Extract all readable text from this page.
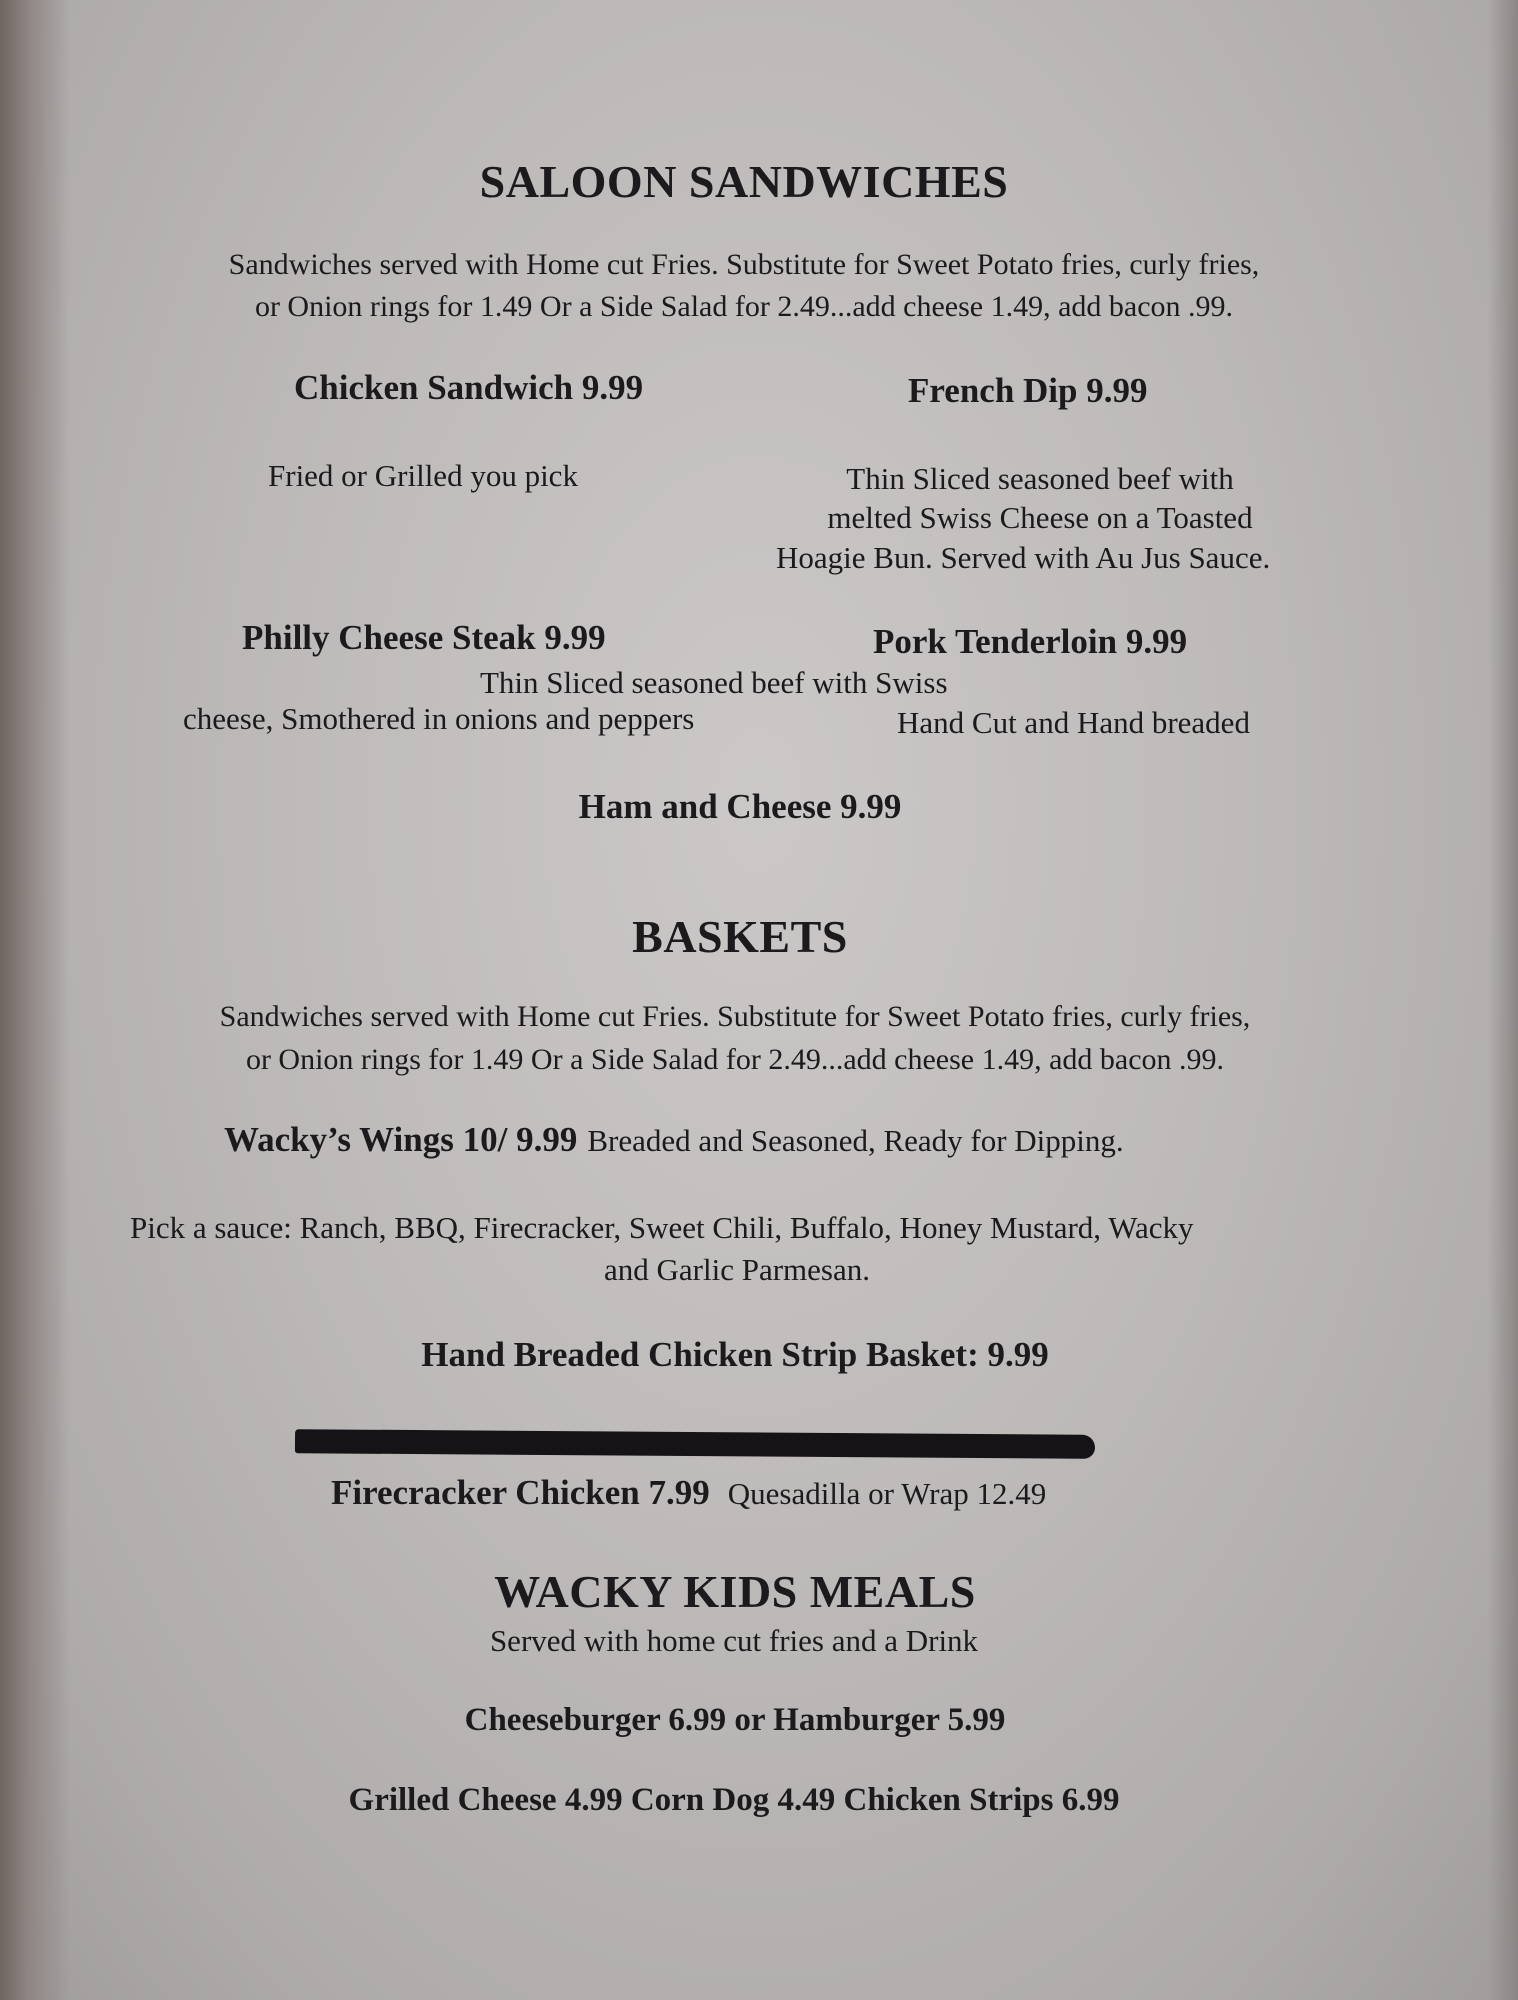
SALOON SANDWICHES
Sandwiches served with Home cut Fries. Substitute for Sweet Potato fries, curly fries,
or Onion rings for 1.49 Or a Side Salad for 2.49...add cheese 1.49, add bacon .99.
Chicken Sandwich 9.99
Fried or Grilled you pick
French Dip 9.99
Thin Sliced seasoned beef with
melted Swiss Cheese on a Toasted
Hoagie Bun. Served with Au Jus Sauce.
Philly Cheese Steak 9.99
Thin Sliced seasoned beef with Swiss
cheese, Smothered in onions and peppers
Pork Tenderloin 9.99
Hand Cut and Hand breaded
Ham and Cheese 9.99
BASKETS
Sandwiches served with Home cut Fries. Substitute for Sweet Potato fries, curly fries,
or Onion rings for 1.49 Or a Side Salad for 2.49...add cheese 1.49, add bacon .99.
Wacky’s Wings 10/ 9.99 Breaded and Seasoned, Ready for Dipping.
Pick a sauce: Ranch, BBQ, Firecracker, Sweet Chili, Buffalo, Honey Mustard, Wacky
and Garlic Parmesan.
Hand Breaded Chicken Strip Basket: 9.99
Firecracker Chicken 7.99 Quesadilla or Wrap 12.49
WACKY KIDS MEALS
Served with home cut fries and a Drink
Cheeseburger 6.99 or Hamburger 5.99
Grilled Cheese 4.99 Corn Dog 4.49 Chicken Strips 6.99
